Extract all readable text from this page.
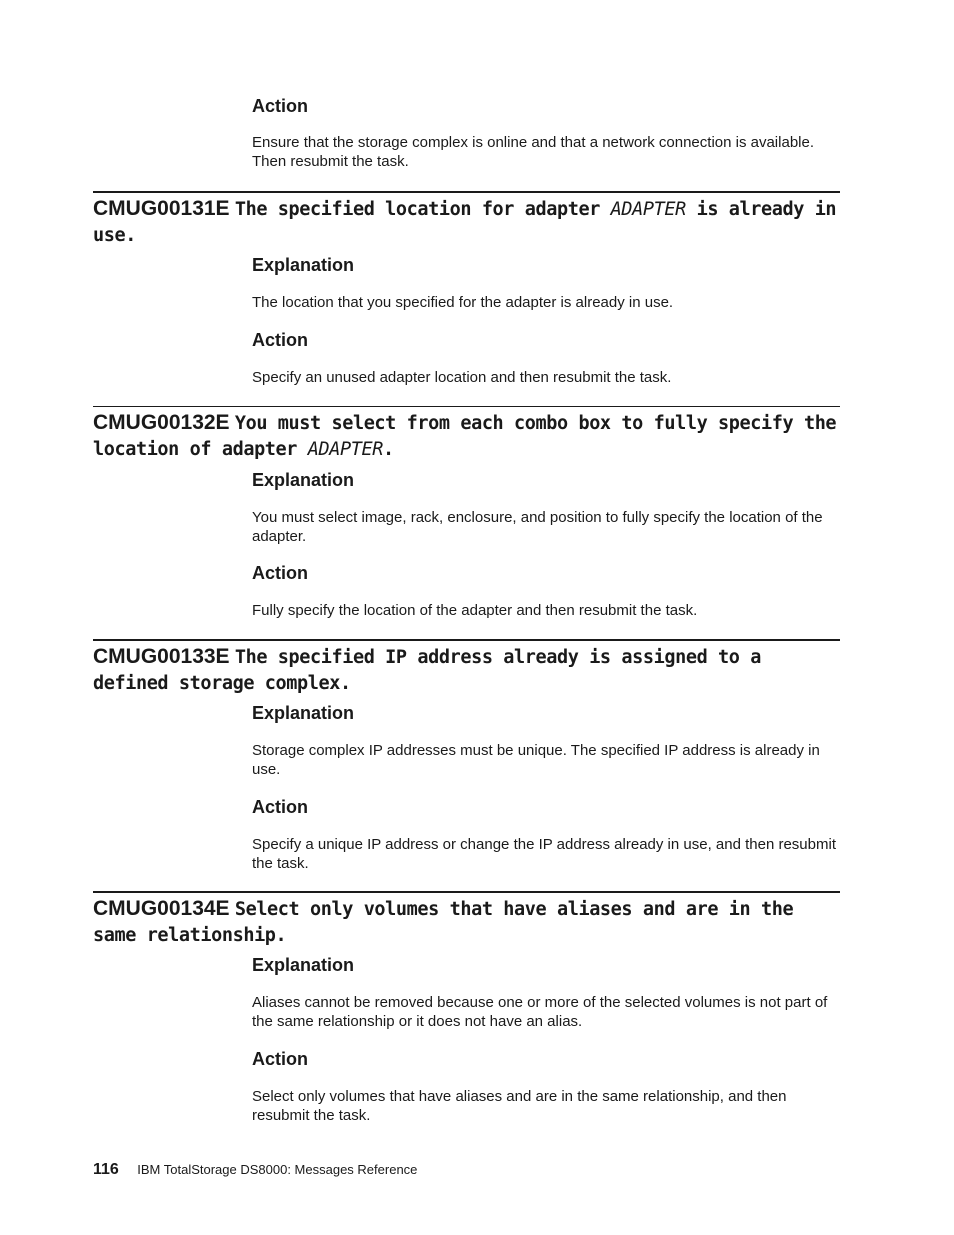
Action

Ensure that the storage complex is online and that a network connection is available. Then resubmit the task.

CMUG00131E The specified location for adapter ADAPTER is already in use.

Explanation

The location that you specified for the adapter is already in use.

Action

Specify an unused adapter location and then resubmit the task.

CMUG00132E You must select from each combo box to fully specify the location of adapter ADAPTER.

Explanation

You must select image, rack, enclosure, and position to fully specify the location of the adapter.

Action

Fully specify the location of the adapter and then resubmit the task.

CMUG00133E The specified IP address already is assigned to a defined storage complex.

Explanation

Storage complex IP addresses must be unique. The specified IP address is already in use.

Action

Specify a unique IP address or change the IP address already in use, and then resubmit the task.

CMUG00134E Select only volumes that have aliases and are in the same relationship.

Explanation

Aliases cannot be removed because one or more of the selected volumes is not part of the same relationship or it does not have an alias.

Action

Select only volumes that have aliases and are in the same relationship, and then resubmit the task.

116 IBM TotalStorage DS8000: Messages Reference
